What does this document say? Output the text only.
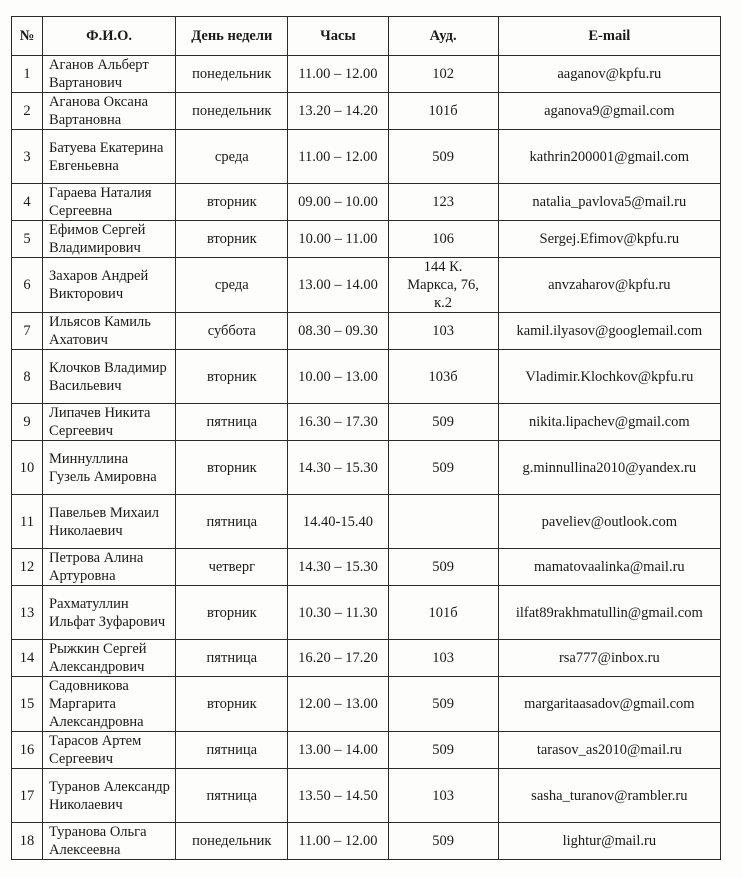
№	Ф.И.О.	День недели	Часы	Ауд.	E-mail
1	Аганов Альберт Вартанович	понедельник	11.00 – 12.00	102	aaganov@kpfu.ru
2	Аганова Оксана Вартановна	понедельник	13.20 – 14.20	101б	aganova9@gmail.com
3	Батуева Екатерина Евгеньевна	среда	11.00 – 12.00	509	kathrin200001@gmail.com
4	Гараева Наталия Сергеевна	вторник	09.00 – 10.00	123	natalia_pavlova5@mail.ru
5	Ефимов Сергей Владимирович	вторник	10.00 – 11.00	106	Sergej.Efimov@kpfu.ru
6	Захаров Андрей Викторович	среда	13.00 – 14.00	144 К. Маркса, 76, к.2	anvzaharov@kpfu.ru
7	Ильясов Камиль Ахатович	суббота	08.30 – 09.30	103	kamil.ilyasov@googlemail.com
8	Клочков Владимир Васильевич	вторник	10.00 – 13.00	103б	Vladimir.Klochkov@kpfu.ru
9	Липачев Никита Сергеевич	пятница	16.30 – 17.30	509	nikita.lipachev@gmail.com
10	Миннуллина Гузель Амировна	вторник	14.30 – 15.30	509	g.minnullina2010@yandex.ru
11	Павельев Михаил Николаевич	пятница	14.40-15.40		paveliev@outlook.com
12	Петрова Алина Артуровна	четверг	14.30 – 15.30	509	mamatovaalinka@mail.ru
13	Рахматуллин Ильфат Зуфарович	вторник	10.30 – 11.30	101б	ilfat89rakhmatullin@gmail.com
14	Рыжкин Сергей Александрович	пятница	16.20 – 17.20	103	rsa777@inbox.ru
15	Садовникова Маргарита Александровна	вторник	12.00 – 13.00	509	margaritaasadov@gmail.com
16	Тарасов Артем Сергеевич	пятница	13.00 – 14.00	509	tarasov_as2010@mail.ru
17	Туранов Александр Николаевич	пятница	13.50 – 14.50	103	sasha_turanov@rambler.ru
18	Туранова Ольга Алексеевна	понедельник	11.00 – 12.00	509	lightur@mail.ru
